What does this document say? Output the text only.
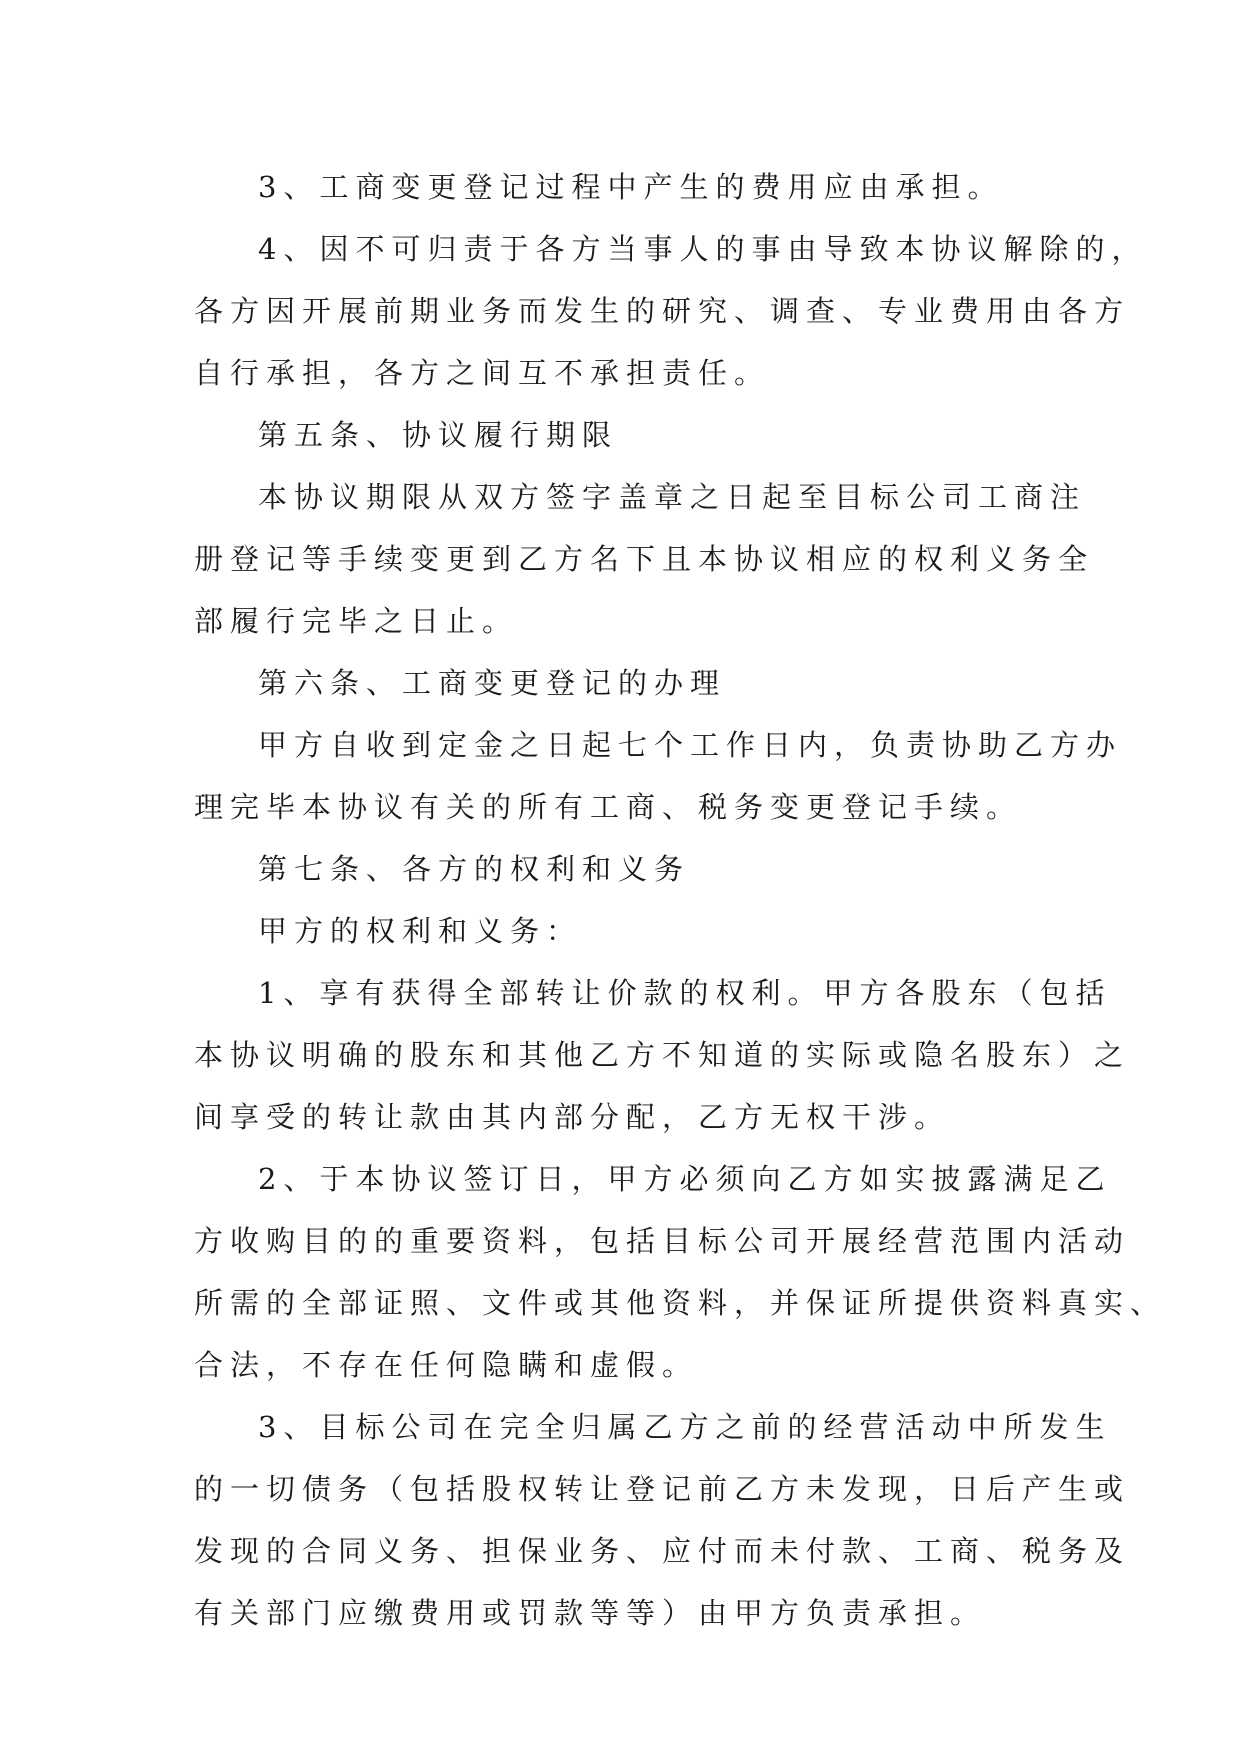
3、工商变更登记过程中产生的费用应由承担。
4、因不可归责于各方当事人的事由导致本协议解除的，
各方因开展前期业务而发生的研究、调查、专业费用由各方
自行承担，各方之间互不承担责任。
第五条、协议履行期限
本协议期限从双方签字盖章之日起至目标公司工商注
册登记等手续变更到乙方名下且本协议相应的权利义务全
部履行完毕之日止。
第六条、工商变更登记的办理
甲方自收到定金之日起七个工作日内，负责协助乙方办
理完毕本协议有关的所有工商、税务变更登记手续。
第七条、各方的权利和义务
甲方的权利和义务：
1、享有获得全部转让价款的权利。甲方各股东（包括
本协议明确的股东和其他乙方不知道的实际或隐名股东）之
间享受的转让款由其内部分配，乙方无权干涉。
2、于本协议签订日，甲方必须向乙方如实披露满足乙
方收购目的的重要资料，包括目标公司开展经营范围内活动
所需的全部证照、文件或其他资料，并保证所提供资料真实、
合法，不存在任何隐瞒和虚假。
3、目标公司在完全归属乙方之前的经营活动中所发生
的一切债务（包括股权转让登记前乙方未发现，日后产生或
发现的合同义务、担保业务、应付而未付款、工商、税务及
有关部门应缴费用或罚款等等）由甲方负责承担。
